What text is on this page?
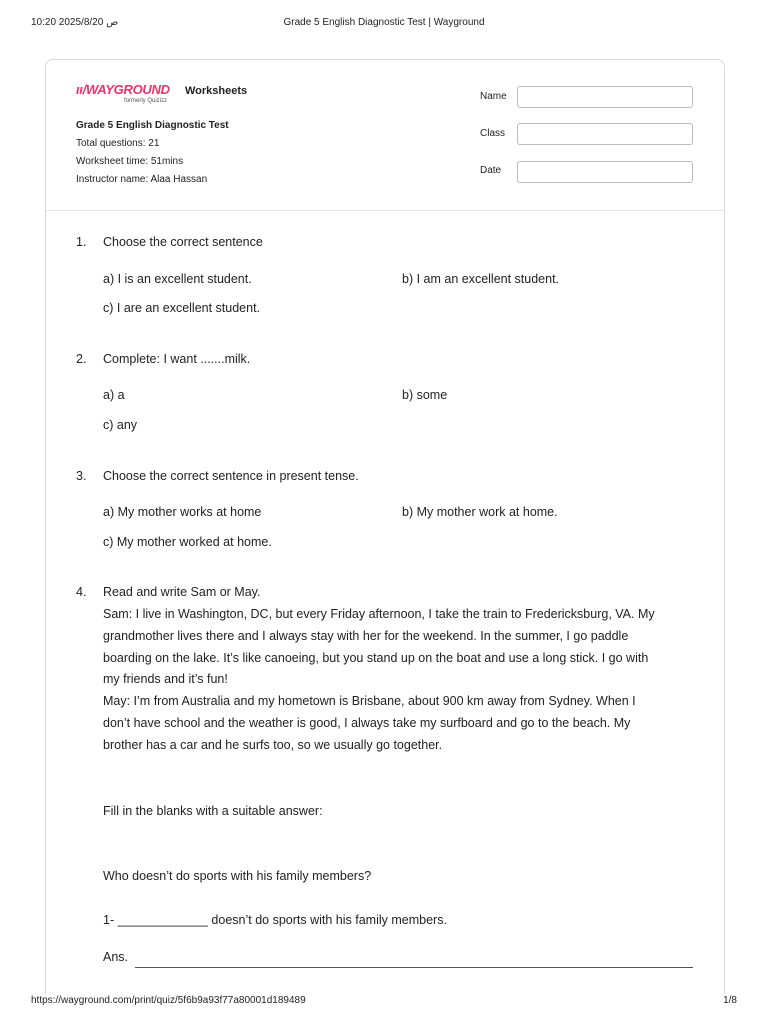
10:20 2025/8/20 ص	Grade 5 English Diagnostic Test | Wayground
ıı/WAYGROUND
formerly Quizizz
Worksheets
Grade 5 English Diagnostic Test
Total questions: 21
Worksheet time: 51mins
Instructor name: Alaa Hassan
Name
Class
Date
1. Choose the correct sentence
a) I is an excellent student.	b) I am an excellent student.
c) I are an excellent student.
2. Complete: I want .......milk.
a) a	b) some
c) any
3. Choose the correct sentence in present tense.
a) My mother works at home	b) My mother work at home.
c) My mother worked at home.
4. Read and write Sam or May.
Sam: I live in Washington, DC, but every Friday afternoon, I take the train to Fredericksburg, VA. My
grandmother lives there and I always stay with her for the weekend. In the summer, I go paddle
boarding on the lake. It’s like canoeing, but you stand up on the boat and use a long stick. I go with
my friends and it’s fun!
May: I’m from Australia and my hometown is Brisbane, about 900 km away from Sydney. When I
don’t have school and the weather is good, I always take my surfboard and go to the beach. My
brother has a car and he surfs too, so we usually go together.
Fill in the blanks with a suitable answer:
Who doesn’t do sports with his family members?
1- _____________ doesn’t do sports with his family members.
Ans.
https://wayground.com/print/quiz/5f6b9a93f77a80001d189489	1/8
